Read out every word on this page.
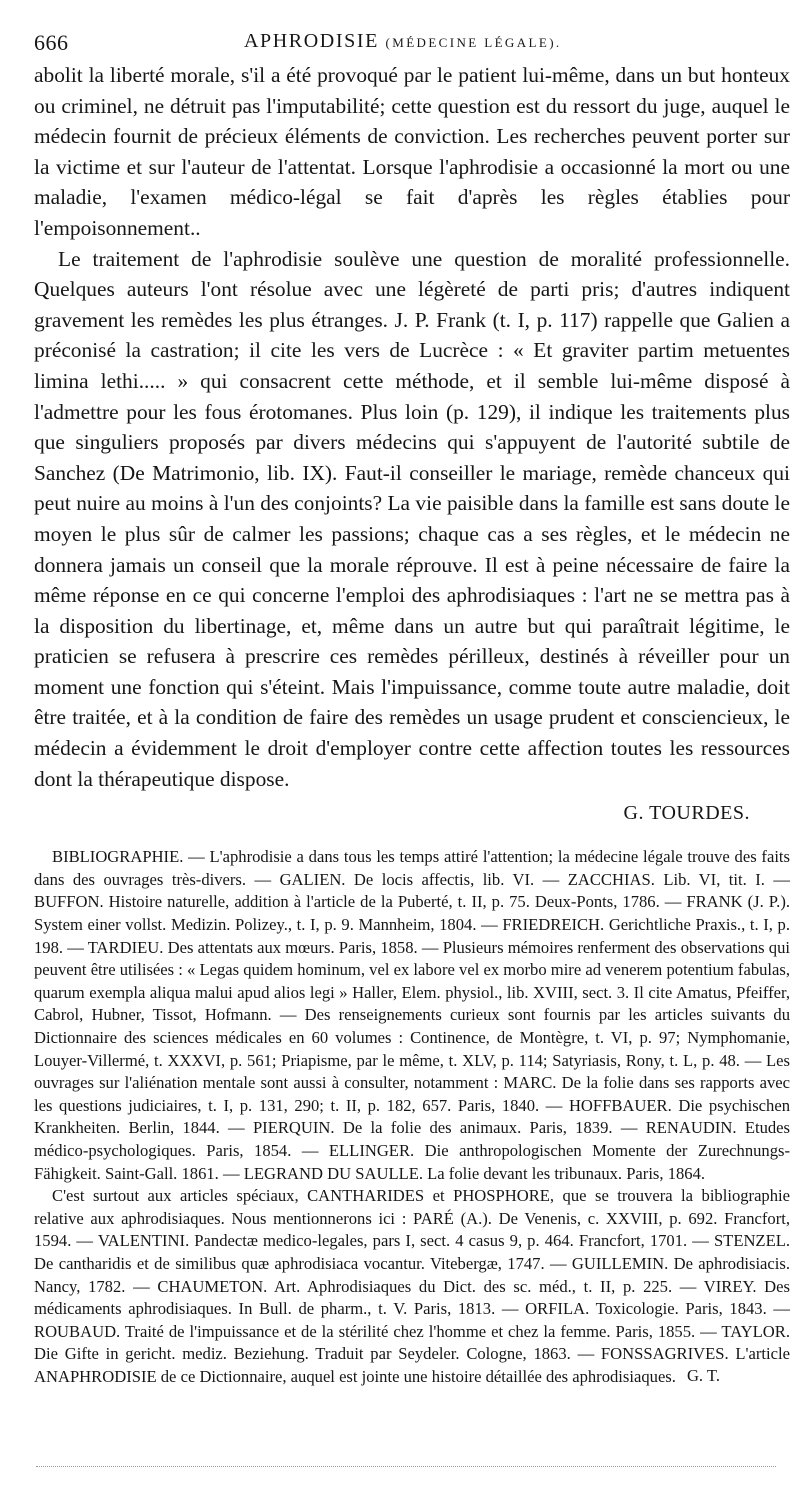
666	APHRODISIE (MÉDECINE LÉGALE).

abolit la liberté morale, s'il a été provoqué par le patient lui-même, dans un but honteux ou criminel, ne détruit pas l'imputabilité; cette question est du ressort du juge, auquel le médecin fournit de précieux éléments de conviction. Les recherches peuvent porter sur la victime et sur l'auteur de l'attentat. Lorsque l'aphrodisie a occasionné la mort ou une maladie, l'examen médico-légal se fait d'après les règles établies pour l'empoisonnement..

Le traitement de l'aphrodisie soulève une question de moralité professionnelle. Quelques auteurs l'ont résolue avec une légèreté de parti pris; d'autres indiquent gravement les remèdes les plus étranges. J. P. Frank (t. I, p. 117) rappelle que Galien a préconisé la castration; il cite les vers de Lucrèce : « Et graviter partim metuentes limina lethi..... » qui consacrent cette méthode, et il semble lui-même disposé à l'admettre pour les fous érotomanes. Plus loin (p. 129), il indique les traitements plus que singuliers proposés par divers médecins qui s'appuyent de l'autorité subtile de Sanchez (De Matrimonio, lib. IX). Faut-il conseiller le mariage, remède chanceux qui peut nuire au moins à l'un des conjoints? La vie paisible dans la famille est sans doute le moyen le plus sûr de calmer les passions; chaque cas a ses règles, et le médecin ne donnera jamais un conseil que la morale réprouve. Il est à peine nécessaire de faire la même réponse en ce qui concerne l'emploi des aphrodisiaques : l'art ne se mettra pas à la disposition du libertinage, et, même dans un autre but qui paraîtrait légitime, le praticien se refusera à prescrire ces remèdes périlleux, destinés à réveiller pour un moment une fonction qui s'éteint. Mais l'impuissance, comme toute autre maladie, doit être traitée, et à la condition de faire des remèdes un usage prudent et consciencieux, le médecin a évidemment le droit d'employer contre cette affection toutes les ressources dont la thérapeutique dispose.

G. TOURDES.

BIBLIOGRAPHIE. — L'aphrodisie a dans tous les temps attiré l'attention; la médecine légale trouve des faits dans des ouvrages très-divers. — GALIEN. De locis affectis, lib. VI. — ZACCHIAS. Lib. VI, tit. I. — BUFFON. Histoire naturelle, addition à l'article de la Puberté, t. II, p. 75. Deux-Ponts, 1786. — FRANK (J. P.). System einer vollst. Medizin. Polizey., t. I, p. 9. Mannheim, 1804. — FRIEDREICH. Gerichtliche Praxis., t. I, p. 198. — TARDIEU. Des attentats aux mœurs. Paris, 1858. — Plusieurs mémoires renferment des observations qui peuvent être utilisées : « Legas quidem hominum, vel ex labore vel ex morbo mire ad venerem potentium fabulas, quarum exempla aliqua malui apud alios legi » Haller, Elem. physiol., lib. XVIII, sect. 3. Il cite Amatus, Pfeiffer, Cabrol, Hubner, Tissot, Hofmann. — Des renseignements curieux sont fournis par les articles suivants du Dictionnaire des sciences médicales en 60 volumes : Continence, de Montègre, t. VI, p. 97; Nymphomanie, Louyer-Villermé, t. XXXVI, p. 561; Priapisme, par le même, t. XLV, p. 114; Satyriasis, Rony, t. L, p. 48. — Les ouvrages sur l'aliénation mentale sont aussi à consulter, notamment : MARC. De la folie dans ses rapports avec les questions judiciaires, t. I, p. 131, 290; t. II, p. 182, 657. Paris, 1840. — HOFFBAUER. Die psychischen Krankheiten. Berlin, 1844. — PIERQUIN. De la folie des animaux. Paris, 1839. — RENAUDIN. Etudes médico-psychologiques. Paris, 1854. — ELLINGER. Die anthropologischen Momente der Zurechnungs-Fähigkeit. Saint-Gall. 1861. — LEGRAND DU SAULLE. La folie devant les tribunaux. Paris, 1864.

C'est surtout aux articles spéciaux, CANTHARIDES et PHOSPHORE, que se trouvera la bibliographie relative aux aphrodisiaques. Nous mentionnerons ici : PARÉ (A.). De Venenis, c. XXVIII, p. 692. Francfort, 1594. — VALENTINI. Pandectæ medico-legales, pars I, sect. 4 casus 9, p. 464. Francfort, 1701. — STENZEL. De cantharidis et de similibus quæ aphrodisiaca vocantur. Vitebergæ, 1747. — GUILLEMIN. De aphrodisiacis. Nancy, 1782. — CHAUMETON. Art. Aphrodisiaques du Dict. des sc. méd., t. II, p. 225. — VIREY. Des médicaments aphrodisiaques. In Bull. de pharm., t. V. Paris, 1813. — ORFILA. Toxicologie. Paris, 1843. — ROUBAUD. Traité de l'impuissance et de la stérilité chez l'homme et chez la femme. Paris, 1855. — TAYLOR. Die Gifte in gericht. mediz. Beziehung. Traduit par Seydeler. Cologne, 1863. — FONSSAGRIVES. L'article ANAPHRODISIE de ce Dictionnaire, auquel est jointe une histoire détaillée des aphrodisiaques. G. T.
